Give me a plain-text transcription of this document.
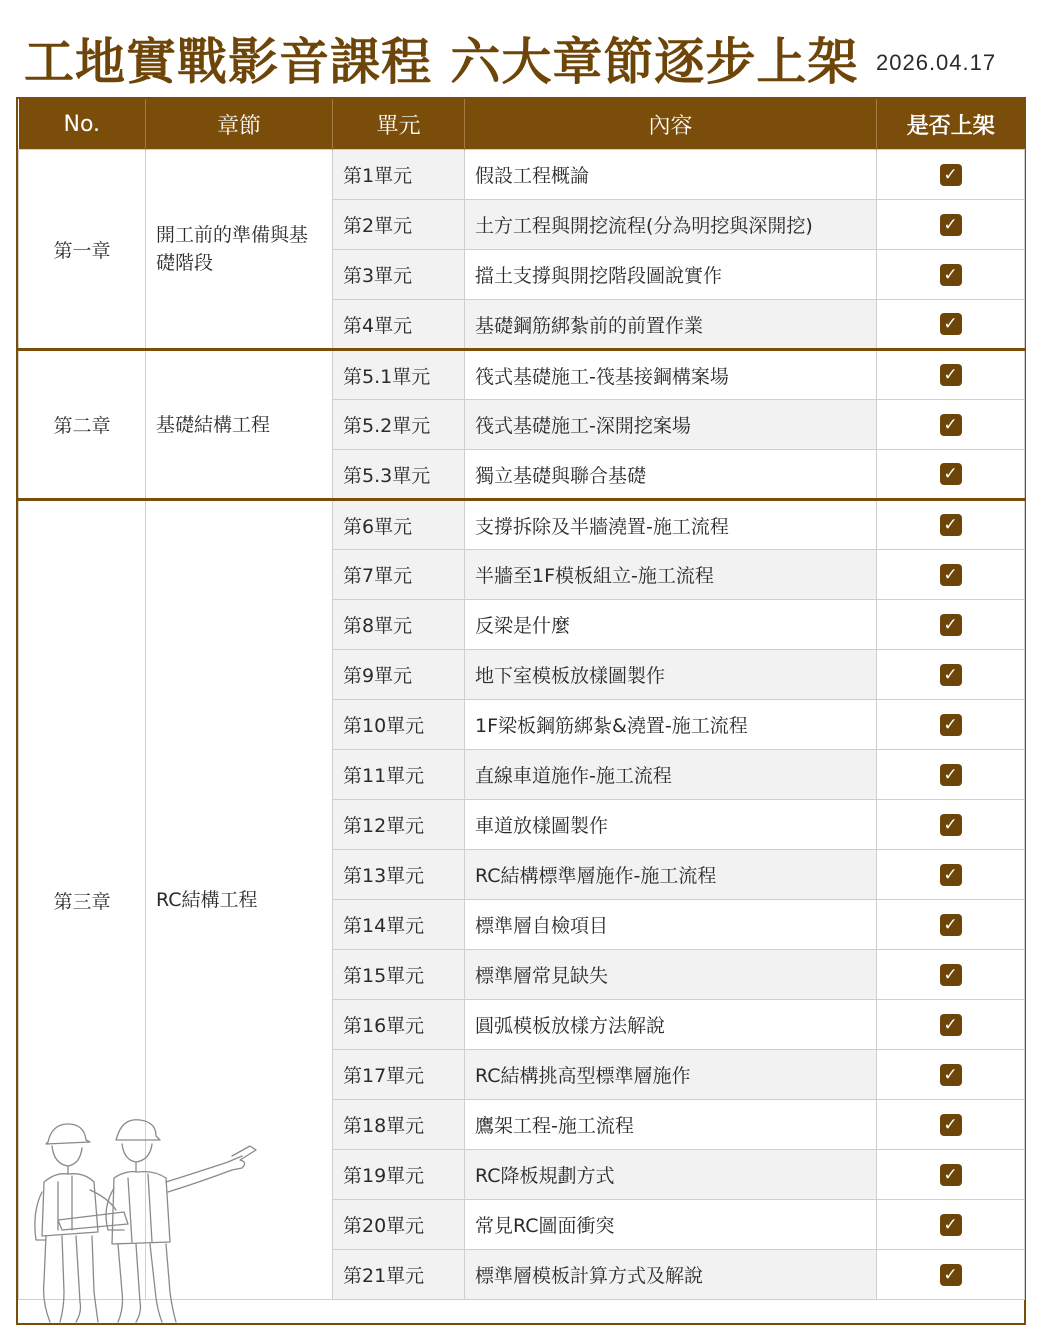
工地實戰影音課程 六大章節逐步上架 2026.04.17
No.	章節	單元	內容	是否上架
第一章	開工前的準備與基礎階段	第1單元	假設工程概論	✓
		第2單元	土方工程與開挖流程(分為明挖與深開挖)	✓
		第3單元	擋土支撐與開挖階段圖說實作	✓
		第4單元	基礎鋼筋綁紮前的前置作業	✓
第二章	基礎結構工程	第5.1單元	筏式基礎施工-筏基接鋼構案場	✓
		第5.2單元	筏式基礎施工-深開挖案場	✓
		第5.3單元	獨立基礎與聯合基礎	✓
第三章	RC結構工程	第6單元	支撐拆除及半牆澆置-施工流程	✓
		第7單元	半牆至1F模板組立-施工流程	✓
		第8單元	反梁是什麼	✓
		第9單元	地下室模板放樣圖製作	✓
		第10單元	1F梁板鋼筋綁紮&澆置-施工流程	✓
		第11單元	直線車道施作-施工流程	✓
		第12單元	車道放樣圖製作	✓
		第13單元	RC結構標準層施作-施工流程	✓
		第14單元	標準層自檢項目	✓
		第15單元	標準層常見缺失	✓
		第16單元	圓弧模板放樣方法解說	✓
		第17單元	RC結構挑高型標準層施作	✓
		第18單元	鷹架工程-施工流程	✓
		第19單元	RC降板規劃方式	✓
		第20單元	常見RC圖面衝突	✓
		第21單元	標準層模板計算方式及解說	✓
